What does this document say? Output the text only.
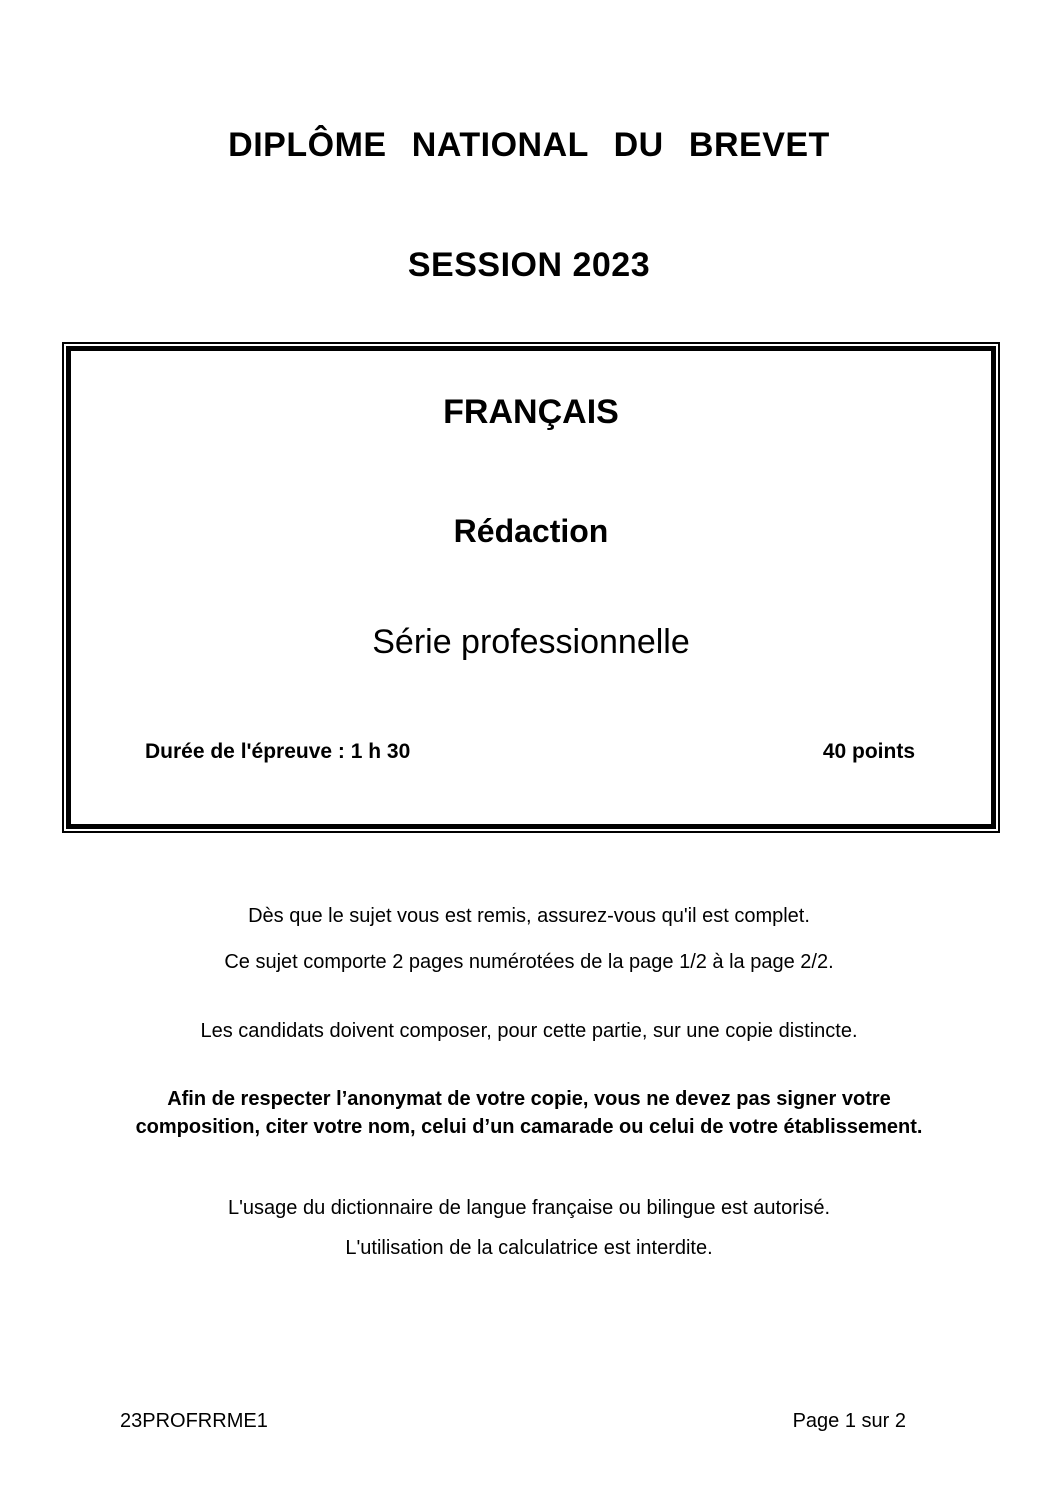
DIPLÔME NATIONAL DU BREVET
SESSION 2023
FRANÇAIS
Rédaction
Série professionnelle
Durée de l'épreuve : 1 h 30	40 points

Dès que le sujet vous est remis, assurez-vous qu'il est complet.

Ce sujet comporte 2 pages numérotées de la page 1/2 à la page 2/2.

Les candidats doivent composer, pour cette partie, sur une copie distincte.

Afin de respecter l’anonymat de votre copie, vous ne devez pas signer votre composition, citer votre nom, celui d’un camarade ou celui de votre établissement.

L'usage du dictionnaire de langue française ou bilingue est autorisé.

L'utilisation de la calculatrice est interdite.

23PROFRRME1	Page 1 sur 2
